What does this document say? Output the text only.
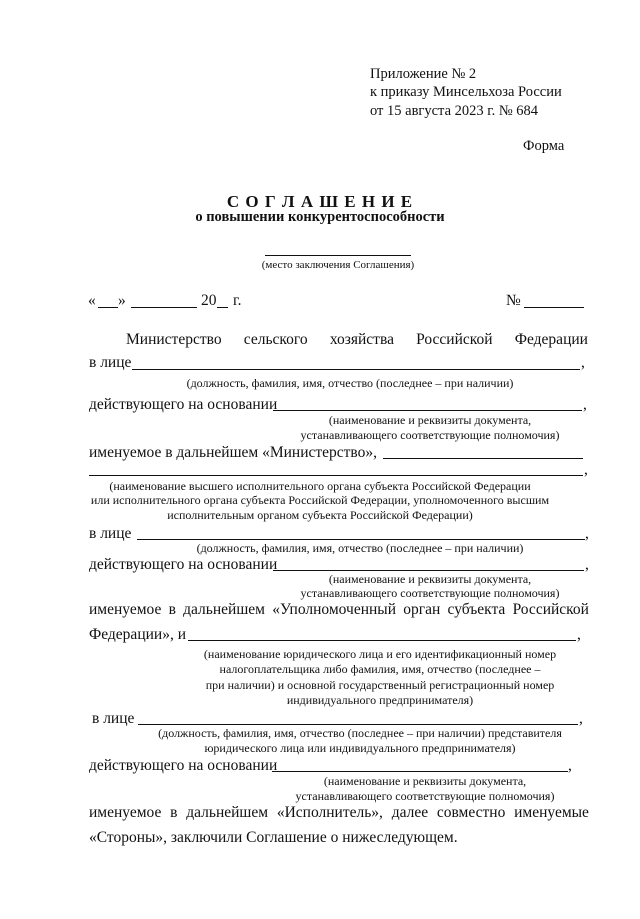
Приложение № 2
к приказу Минсельхоза России
от 15 августа 2023 г. № 684
Форма
С О Г Л А Ш Е Н И Е
о повышении конкурентоспособности
(место заключения Соглашения)
« »	20 г.	№
Министерство сельского хозяйства Российской Федерации
в лице	,
(должность, фамилия, имя, отчество (последнее – при наличии)
действующего на основании	,
(наименование и реквизиты документа,
устанавливающего соответствующие полномочия)
именуемое в дальнейшем «Министерство»,
,
(наименование высшего исполнительного органа субъекта Российской Федерации
или исполнительного органа субъекта Российской Федерации, уполномоченного высшим
исполнительным органом субъекта Российской Федерации)
в лице	,
(должность, фамилия, имя, отчество (последнее – при наличии)
действующего на основании	,
(наименование и реквизиты документа,
устанавливающего соответствующие полномочия)
именуемое в дальнейшем «Уполномоченный орган субъекта Российской
Федерации», и	,
(наименование юридического лица и его идентификационный номер
налогоплательщика либо фамилия, имя, отчество (последнее –
при наличии) и основной государственный регистрационный номер
индивидуального предпринимателя)
в лице	,
(должность, фамилия, имя, отчество (последнее – при наличии) представителя
юридического лица или индивидуального предпринимателя)
действующего на основании	,
(наименование и реквизиты документа,
устанавливающего соответствующие полномочия)
именуемое в дальнейшем «Исполнитель», далее совместно именуемые
«Стороны», заключили Соглашение о нижеследующем.
